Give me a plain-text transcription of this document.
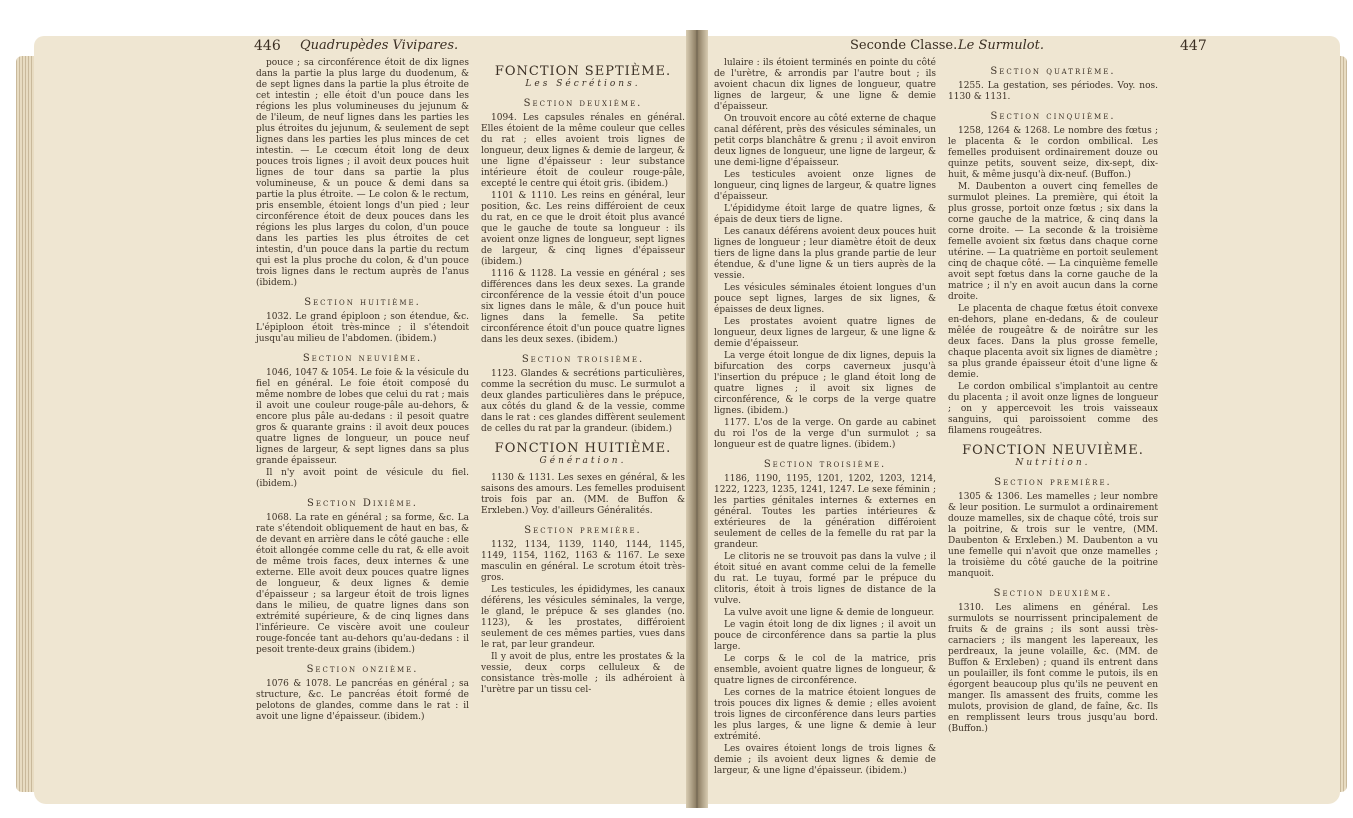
446 Quadrupèdes Vivipares.

pouce ; sa circonférence étoit de dix lignes dans la partie la plus large du duodenum, & de sept lignes dans la partie la plus étroite de cet intestin ; elle étoit d'un pouce dans les régions les plus volumineuses du jejunum & de l'ileum, de neuf lignes dans les parties les plus étroites du jejunum, & seulement de sept lignes dans les parties les plus minces de cet intestin. — Le cœcum étoit long de deux pouces trois lignes ; il avoit deux pouces huit lignes de tour dans sa partie la plus volumineuse, & un pouce & demi dans sa partie la plus étroite. — Le colon & le rectum, pris ensemble, étoient longs d'un pied ; leur circonférence étoit de deux pouces dans les régions les plus larges du colon, d'un pouce dans les parties les plus étroites de cet intestin, d'un pouce dans la partie du rectum qui est la plus proche du colon, & d'un pouce trois lignes dans le rectum auprès de l'anus (ibidem.)

Section huitième.

1032. Le grand épiploon ; son étendue, &c. L'épiploon étoit très-mince ; il s'étendoit jusqu'au milieu de l'abdomen. (ibidem.)

Section neuvième.

1046, 1047 & 1054. Le foie & la vésicule du fiel en général. Le foie étoit composé du même nombre de lobes que celui du rat ; mais il avoit une couleur rouge-pâle au-dehors, & encore plus pâle au-dedans : il pesoit quatre gros & quarante grains : il avoit deux pouces quatre lignes de longueur, un pouce neuf lignes de largeur, & sept lignes dans sa plus grande épaisseur.

Il n'y avoit point de vésicule du fiel. (ibidem.)

Section Dixième.

1068. La rate en général ; sa forme, &c. La rate s'étendoit obliquement de haut en bas, & de devant en arrière dans le côté gauche : elle étoit allongée comme celle du rat, & elle avoit de même trois faces, deux internes & une externe. Elle avoit deux pouces quatre lignes de longueur, & deux lignes & demie d'épaisseur ; sa largeur étoit de trois lignes dans le milieu, de quatre lignes dans son extrémité supérieure, & de cinq lignes dans l'inférieure. Ce viscère avoit une couleur rouge-foncée tant au-dehors qu'au-dedans : il pesoit trente-deux grains (ibidem.)

Section onzième.

1076 & 1078. Le pancréas en général ; sa structure, &c. Le pancréas étoit formé de pelotons de glandes, comme dans le rat : il avoit une ligne d'épaisseur. (ibidem.)

FONCTION SEPTIÈME.
Les Sécrétions.
Section deuxième.

1094. Les capsules rénales en général. Elles étoient de la même couleur que celles du rat ; elles avoient trois lignes de longueur, deux lignes & demie de largeur, & une ligne d'épaisseur : leur substance intérieure étoit de couleur rouge-pâle, excepté le centre qui étoit gris. (ibidem.)

1101 & 1110. Les reins en général, leur position, &c. Les reins différoient de ceux du rat, en ce que le droit étoit plus avancé que le gauche de toute sa longueur : ils avoient onze lignes de longueur, sept lignes de largeur, & cinq lignes d'épaisseur (ibidem.)

1116 & 1128. La vessie en général ; ses différences dans les deux sexes. La grande circonférence de la vessie étoit d'un pouce six lignes dans le mâle, & d'un pouce huit lignes dans la femelle. Sa petite circonférence étoit d'un pouce quatre lignes dans les deux sexes. (ibidem.)

Section troisième.

1123. Glandes & secrétions particulières, comme la secrétion du musc. Le surmulot a deux glandes particulières dans le prépuce, aux côtés du gland & de la vessie, comme dans le rat : ces glandes diffèrent seulement de celles du rat par la grandeur. (ibidem.)

FONCTION HUITIÈME.
Génération.

1130 & 1131. Les sexes en général, & les saisons des amours. Les femelles produisent trois fois par an. (MM. de Buffon & Erxleben.) Voy. d'ailleurs Généralités.

Section première.

1132, 1134, 1139, 1140, 1144, 1145, 1149, 1154, 1162, 1163 & 1167. Le sexe masculin en général. Le scrotum étoit très-gros.

Les testicules, les épididymes, les canaux déférens, les vésicules séminales, la verge, le gland, le prépuce & ses glandes (no. 1123), & les prostates, différoient seulement de ces mêmes parties, vues dans le rat, par leur grandeur.

Il y avoit de plus, entre les prostates & la vessie, deux corps celluleux & de consistance très-molle ; ils adhéroient à l'urètre par un tissu cel-

Seconde Classe. Le Surmulot.	447

lulaire : ils étoient terminés en pointe du côté de l'urètre, & arrondis par l'autre bout ; ils avoient chacun dix lignes de longueur, quatre lignes de largeur, & une ligne & demie d'épaisseur.

On trouvoit encore au côté externe de chaque canal déférent, près des vésicules séminales, un petit corps blanchâtre & grenu ; il avoit environ deux lignes de longueur, une ligne de largeur, & une demi-ligne d'épaisseur.

Les testicules avoient onze lignes de longueur, cinq lignes de largeur, & quatre lignes d'épaisseur.

L'épididyme étoit large de quatre lignes, & épais de deux tiers de ligne.

Les canaux déférens avoient deux pouces huit lignes de longueur ; leur diamètre étoit de deux tiers de ligne dans la plus grande partie de leur étendue, & d'une ligne & un tiers auprès de la vessie.

Les vésicules séminales étoient longues d'un pouce sept lignes, larges de six lignes, & épaisses de deux lignes.

Les prostates avoient quatre lignes de longueur, deux lignes de largeur, & une ligne & demie d'épaisseur.

La verge étoit longue de dix lignes, depuis la bifurcation des corps caverneux jusqu'à l'insertion du prépuce ; le gland étoit long de quatre lignes ; il avoit six lignes de circonférence, & le corps de la verge quatre lignes. (ibidem.)

1177. L'os de la verge. On garde au cabinet du roi l'os de la verge d'un surmulot ; sa longueur est de quatre lignes. (ibidem.)

Section troisième.

1186, 1190, 1195, 1201, 1202, 1203, 1214, 1222, 1223, 1235, 1241, 1247. Le sexe féminin ; les parties génitales internes & externes en général. Toutes les parties intérieures & extérieures de la génération différoient seulement de celles de la femelle du rat par la grandeur.

Le clitoris ne se trouvoit pas dans la vulve ; il étoit situé en avant comme celui de la femelle du rat. Le tuyau, formé par le prépuce du clitoris, étoit à trois lignes de distance de la vulve.

La vulve avoit une ligne & demie de longueur.

Le vagin étoit long de dix lignes ; il avoit un pouce de circonférence dans sa partie la plus large.

Le corps & le col de la matrice, pris ensemble, avoient quatre lignes de longueur, & quatre lignes de circonférence.

Les cornes de la matrice étoient longues de trois pouces dix lignes & demie ; elles avoient trois lignes de circonférence dans leurs parties les plus larges, & une ligne & demie à leur extrémité.

Les ovaires étoient longs de trois lignes & demie ; ils avoient deux lignes & demie de largeur, & une ligne d'épaisseur. (ibidem.)

Section quatrième.

1255. La gestation, ses périodes. Voy. nos. 1130 & 1131.

Section cinquième.

1258, 1264 & 1268. Le nombre des fœtus ; le placenta & le cordon ombilical. Les femelles produisent ordinairement douze ou quinze petits, souvent seize, dix-sept, dix-huit, & même jusqu'à dix-neuf. (Buffon.)

M. Daubenton a ouvert cinq femelles de surmulot pleines. La première, qui étoit la plus grosse, portoit onze fœtus ; six dans la corne gauche de la matrice, & cinq dans la corne droite. — La seconde & la troisième femelle avoient six fœtus dans chaque corne utérine. — La quatrième en portoit seulement cinq de chaque côté. — La cinquième femelle avoit sept fœtus dans la corne gauche de la matrice ; il n'y en avoit aucun dans la corne droite.

Le placenta de chaque fœtus étoit convexe en-dehors, plane en-dedans, & de couleur mêlée de rougeâtre & de noirâtre sur les deux faces. Dans la plus grosse femelle, chaque placenta avoit six lignes de diamètre ; sa plus grande épaisseur étoit d'une ligne & demie.

Le cordon ombilical s'implantoit au centre du placenta ; il avoit onze lignes de longueur ; on y appercevoit les trois vaisseaux sanguins, qui paroissoient comme des filamens rougeâtres.

FONCTION NEUVIÈME.
Nutrition.
Section première.

1305 & 1306. Les mamelles ; leur nombre & leur position. Le surmulot a ordinairement douze mamelles, six de chaque côté, trois sur la poitrine, & trois sur le ventre, (MM. Daubenton & Erxleben.) M. Daubenton a vu une femelle qui n'avoit que onze mamelles ; la troisième du côté gauche de la poitrine manquoit.

Section deuxième.

1310. Les alimens en général. Les surmulots se nourrissent principalement de fruits & de grains ; ils sont aussi très-carnaciers ; ils mangent les lapereaux, les perdreaux, la jeune volaille, &c. (MM. de Buffon & Erxleben) ; quand ils entrent dans un poulailler, ils font comme le putois, ils en égorgent beaucoup plus qu'ils ne peuvent en manger. Ils amassent des fruits, comme les mulots, provision de gland, de faîne, &c. Ils en remplissent leurs trous jusqu'au bord. (Buffon.)
